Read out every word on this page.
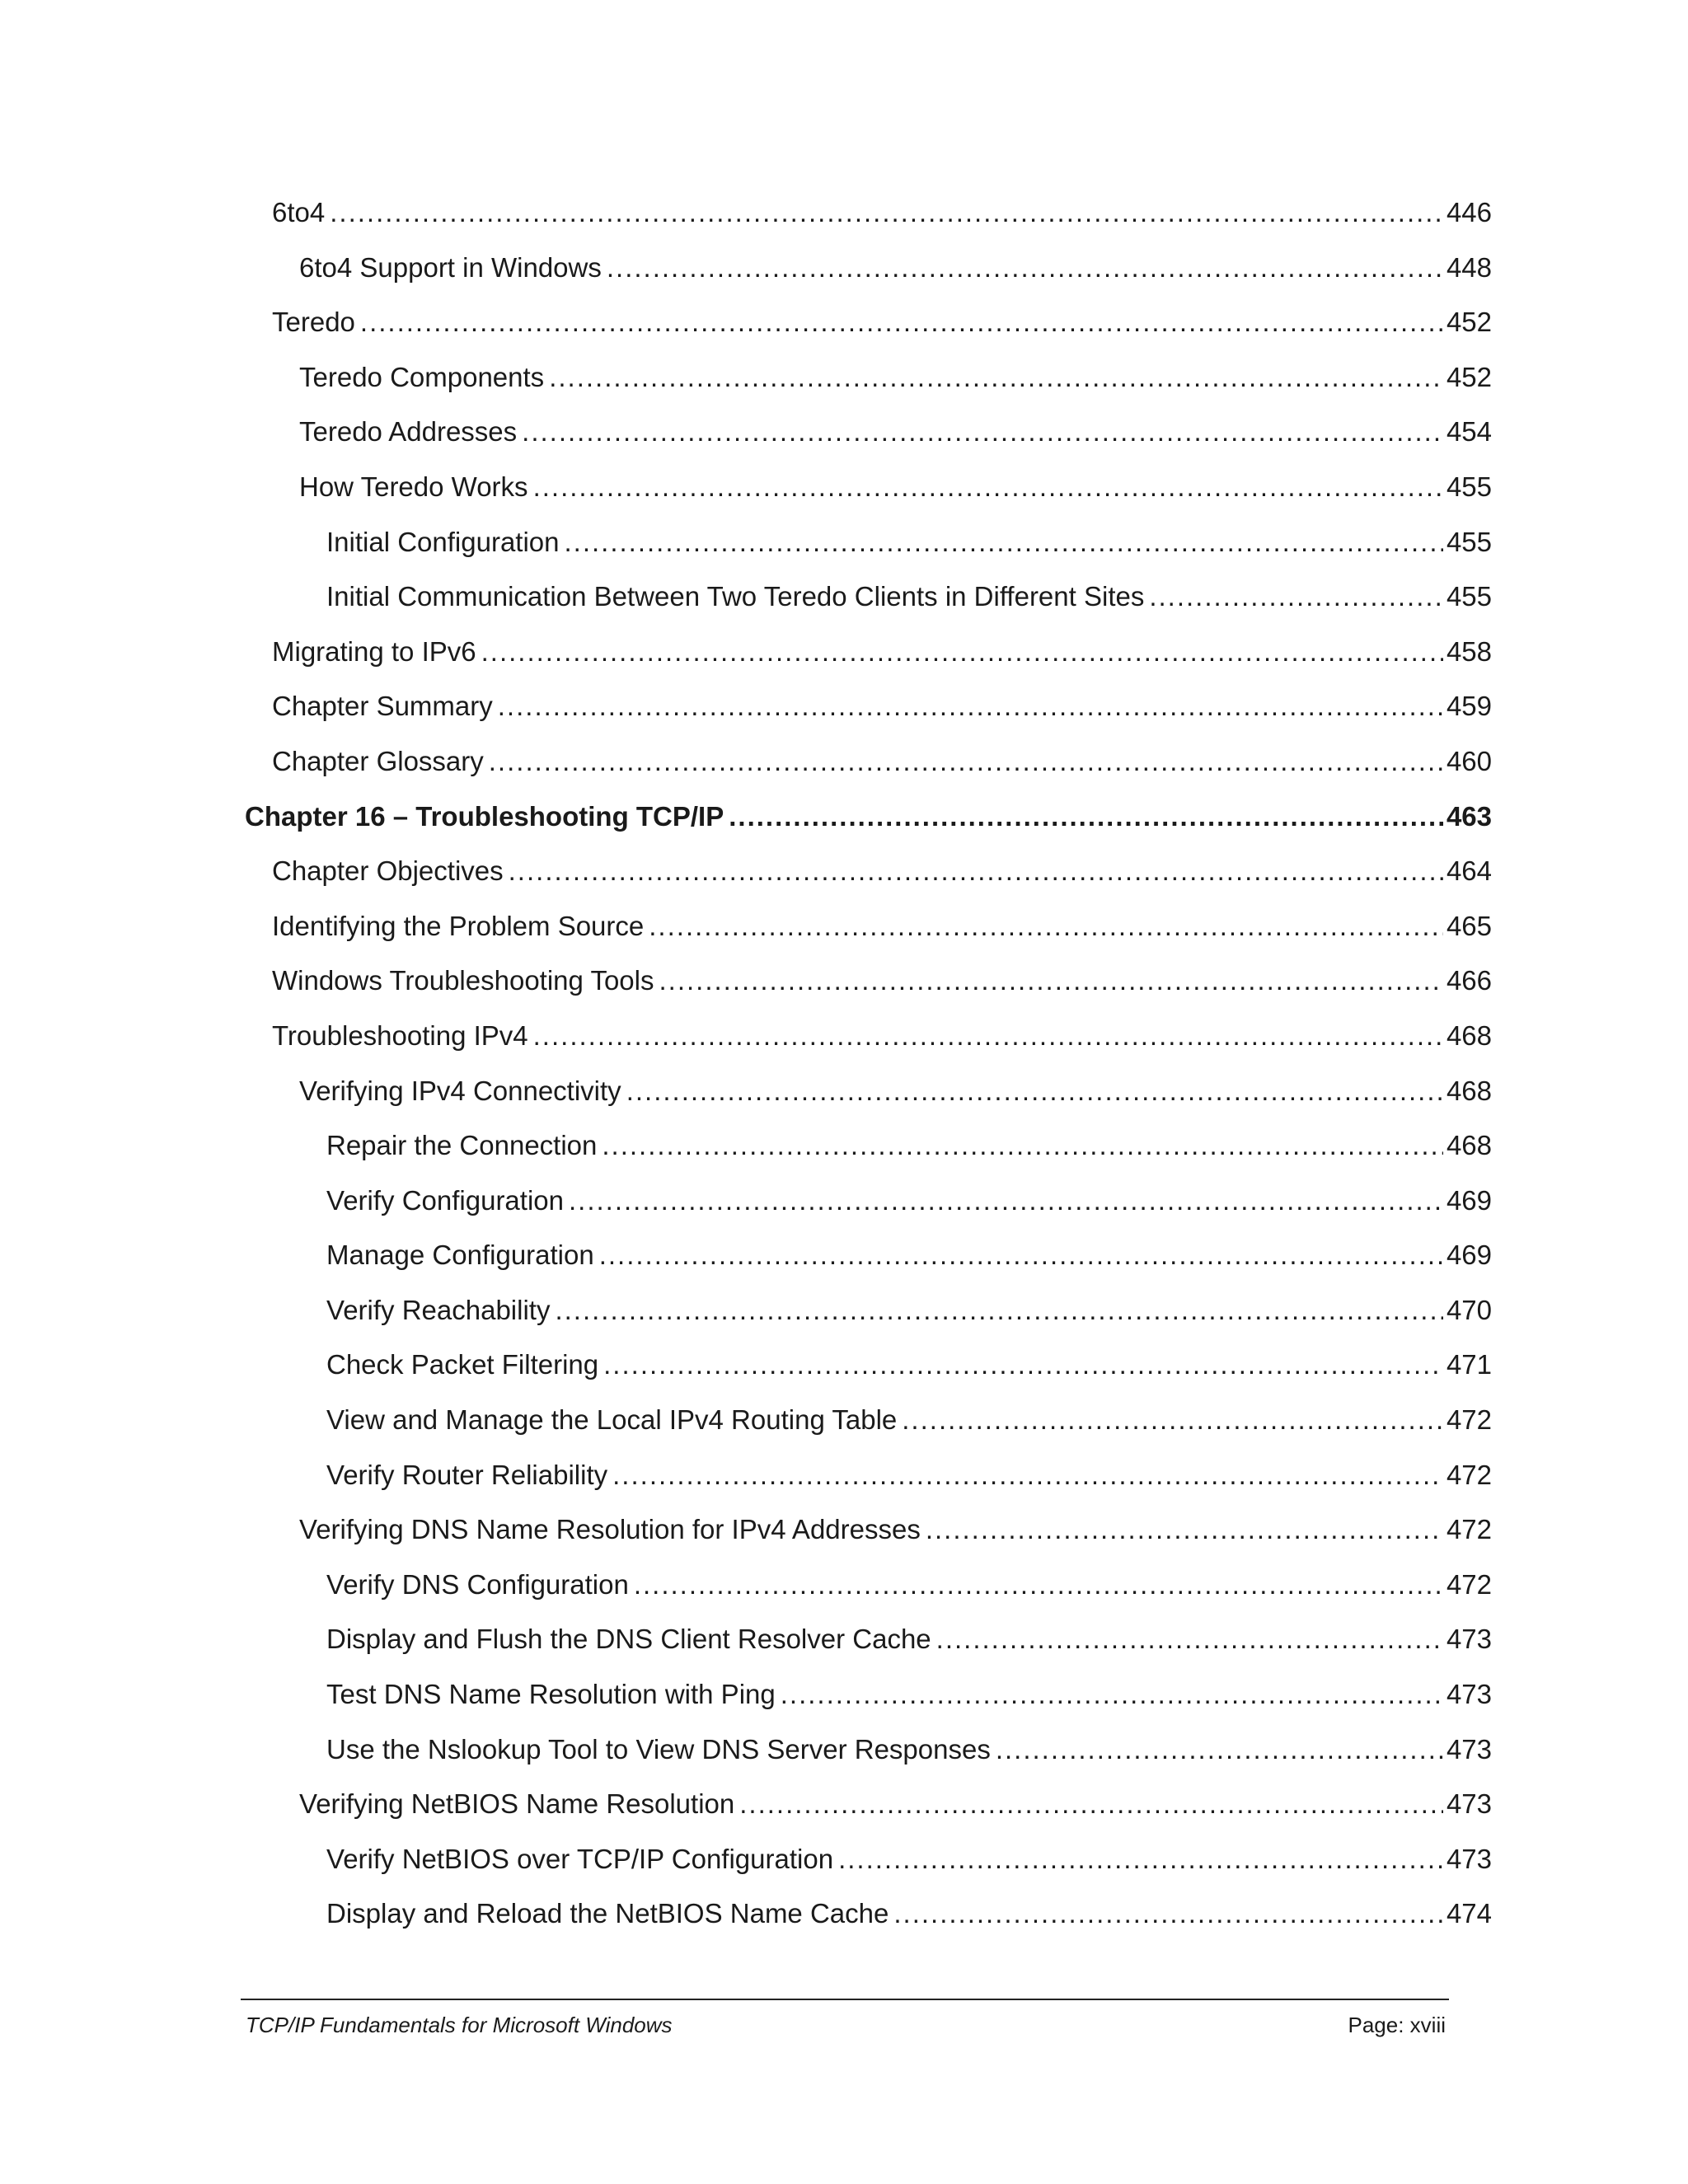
6to4 .....	446
6to4 Support in Windows .....	448
Teredo .....	452
Teredo Components .....	452
Teredo Addresses .....	454
How Teredo Works .....	455
Initial Configuration .....	455
Initial Communication Between Two Teredo Clients in Different Sites .....	455
Migrating to IPv6 .....	458
Chapter Summary .....	459
Chapter Glossary .....	460
Chapter 16 – Troubleshooting TCP/IP .....	463
Chapter Objectives .....	464
Identifying the Problem Source .....	465
Windows Troubleshooting Tools .....	466
Troubleshooting IPv4 .....	468
Verifying IPv4 Connectivity .....	468
Repair the Connection .....	468
Verify Configuration .....	469
Manage Configuration .....	469
Verify Reachability .....	470
Check Packet Filtering .....	471
View and Manage the Local IPv4 Routing Table .....	472
Verify Router Reliability .....	472
Verifying DNS Name Resolution for IPv4 Addresses .....	472
Verify DNS Configuration .....	472
Display and Flush the DNS Client Resolver Cache .....	473
Test DNS Name Resolution with Ping .....	473
Use the Nslookup Tool to View DNS Server Responses .....	473
Verifying NetBIOS Name Resolution .....	473
Verify NetBIOS over TCP/IP Configuration .....	473
Display and Reload the NetBIOS Name Cache .....	474
TCP/IP Fundamentals for Microsoft Windows	Page: xviii
